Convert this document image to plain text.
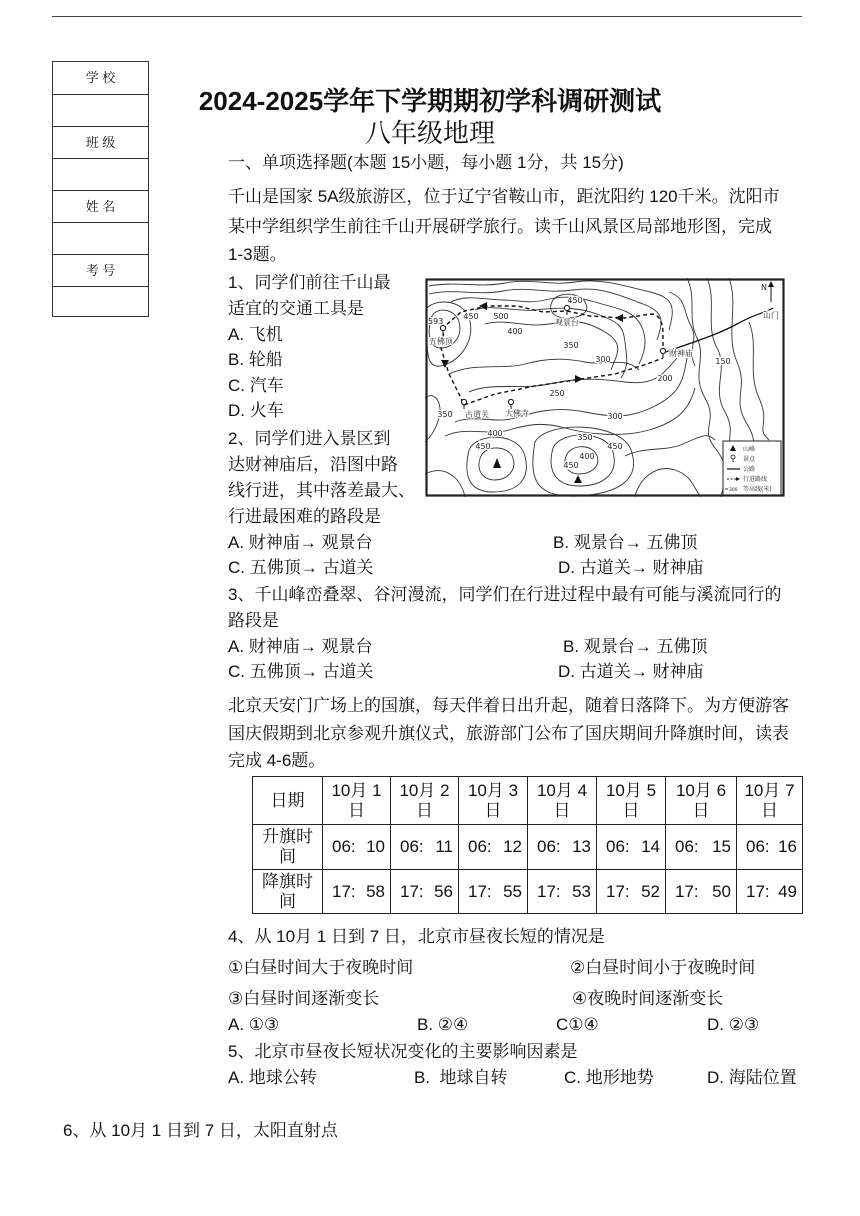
学 校
班 级
姓 名
考 号
2024-2025学年下学期期初学科调研测试
八年级地理
一、单项选择题(本题 15小题，每小题 1分，共 15分)
千山是国家 5A级旅游区，位于辽宁省鞍山市，距沈阳约 120千米。沈阳市
某中学组织学生前往千山开展研学旅行。读千山风景区局部地形图，完成
1-3题。
1、同学们前往千山最
适宜的交通工具是
A. 飞机
B. 轮船
C. 汽车
D. 火车
2、同学们进入景区到
达财神庙后，沿图中路
线行进，其中落差最大、
行进最困难的路段是
A. 财神庙→ 观景台	B. 观景台→ 五佛顶
C. 五佛顶→ 古道关	D. 古道关→ 财神庙
3、千山峰峦叠翠、谷河漫流，同学们在行进过程中最有可能与溪流同行的
路段是
A. 财神庙→ 观景台	B. 观景台→ 五佛顶
C. 五佛顶→ 古道关	D. 古道关→ 财神庙
北京天安门广场上的国旗，每天伴着日出升起，随着日落降下。为方便游客
国庆假期到北京参观升旗仪式，旅游部门公布了国庆期间升降旗时间，读表
完成 4-6题。
日期	10月 1日	10月 2日	10月 3日	10月 4日	10月 5日	10月 6日	10月 7日
升旗时间	06: 10	06: 11	06: 12	06: 13	06: 14	06: 15	06: 16
降旗时间	17: 58	17: 56	17: 55	17: 53	17: 52	17: 50	17: 49
4、从 10月 1 日到 7 日，北京市昼夜长短的情况是
①白昼时间大于夜晚时间	②白昼时间小于夜晚时间
③白昼时间逐渐变长	④夜晚时间逐渐变长
A. ①③	B. ②④	C①④	D. ②③
5、北京市昼夜长短状况变化的主要影响因素是
A. 地球公转	B.  地球自转	C. 地形地势	D. 海陆位置
6、从 10月 1 日到 7 日，太阳直射点
N
450
450 500
400
350
300
200
150
250
300
350
400
450
350
400
450
450
593	观景台
五佛顶
财神庙
古道关 大佛寺
山门
山峰
景点
公路
行进路线
300 等高线(米)
